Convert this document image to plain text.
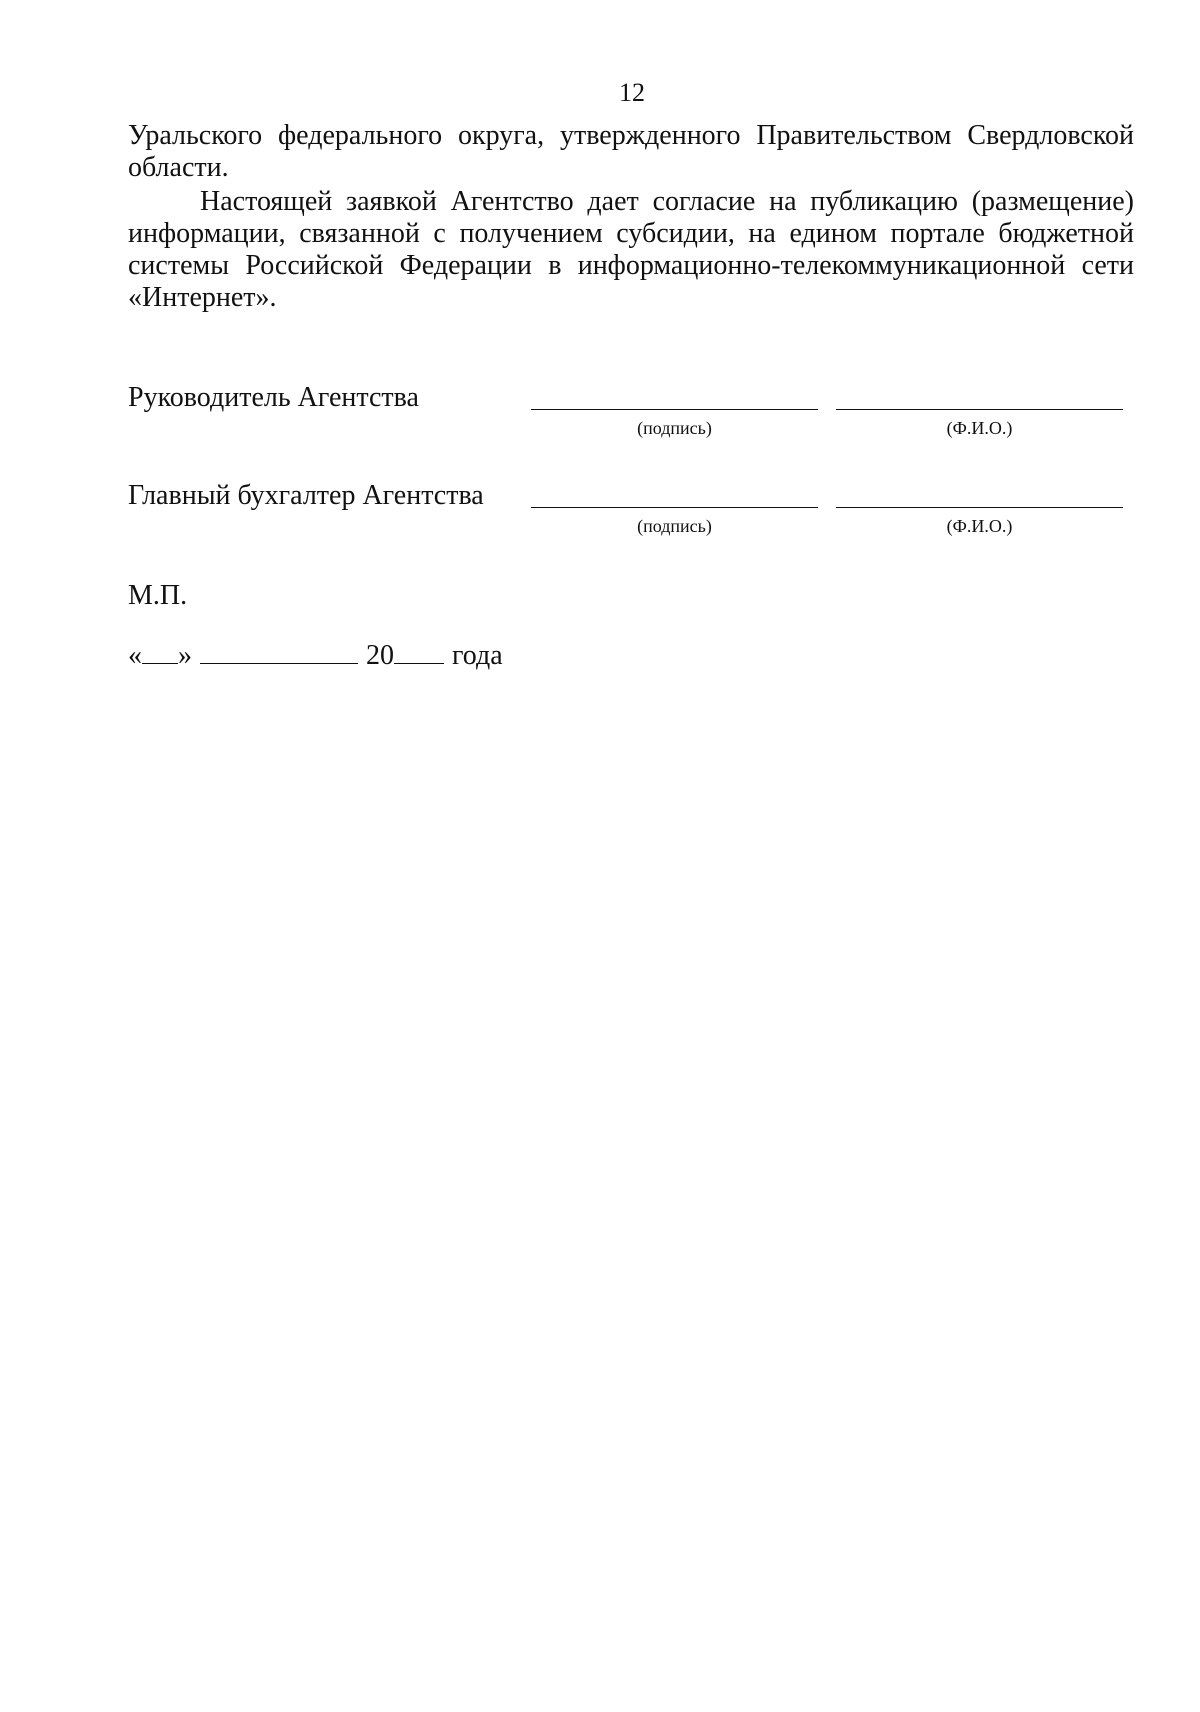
12
Уральского федерального округа, утвержденного Правительством Свердловской области.
Настоящей заявкой Агентство дает согласие на публикацию (размещение) информации, связанной с получением субсидии, на едином портале бюджетной системы Российской Федерации в информационно-телекоммуникационной сети «Интернет».
Руководитель Агентства
(подпись)	(Ф.И.О.)
Главный бухгалтер Агентства
(подпись)	(Ф.И.О.)
М.П.
« »	20 года
